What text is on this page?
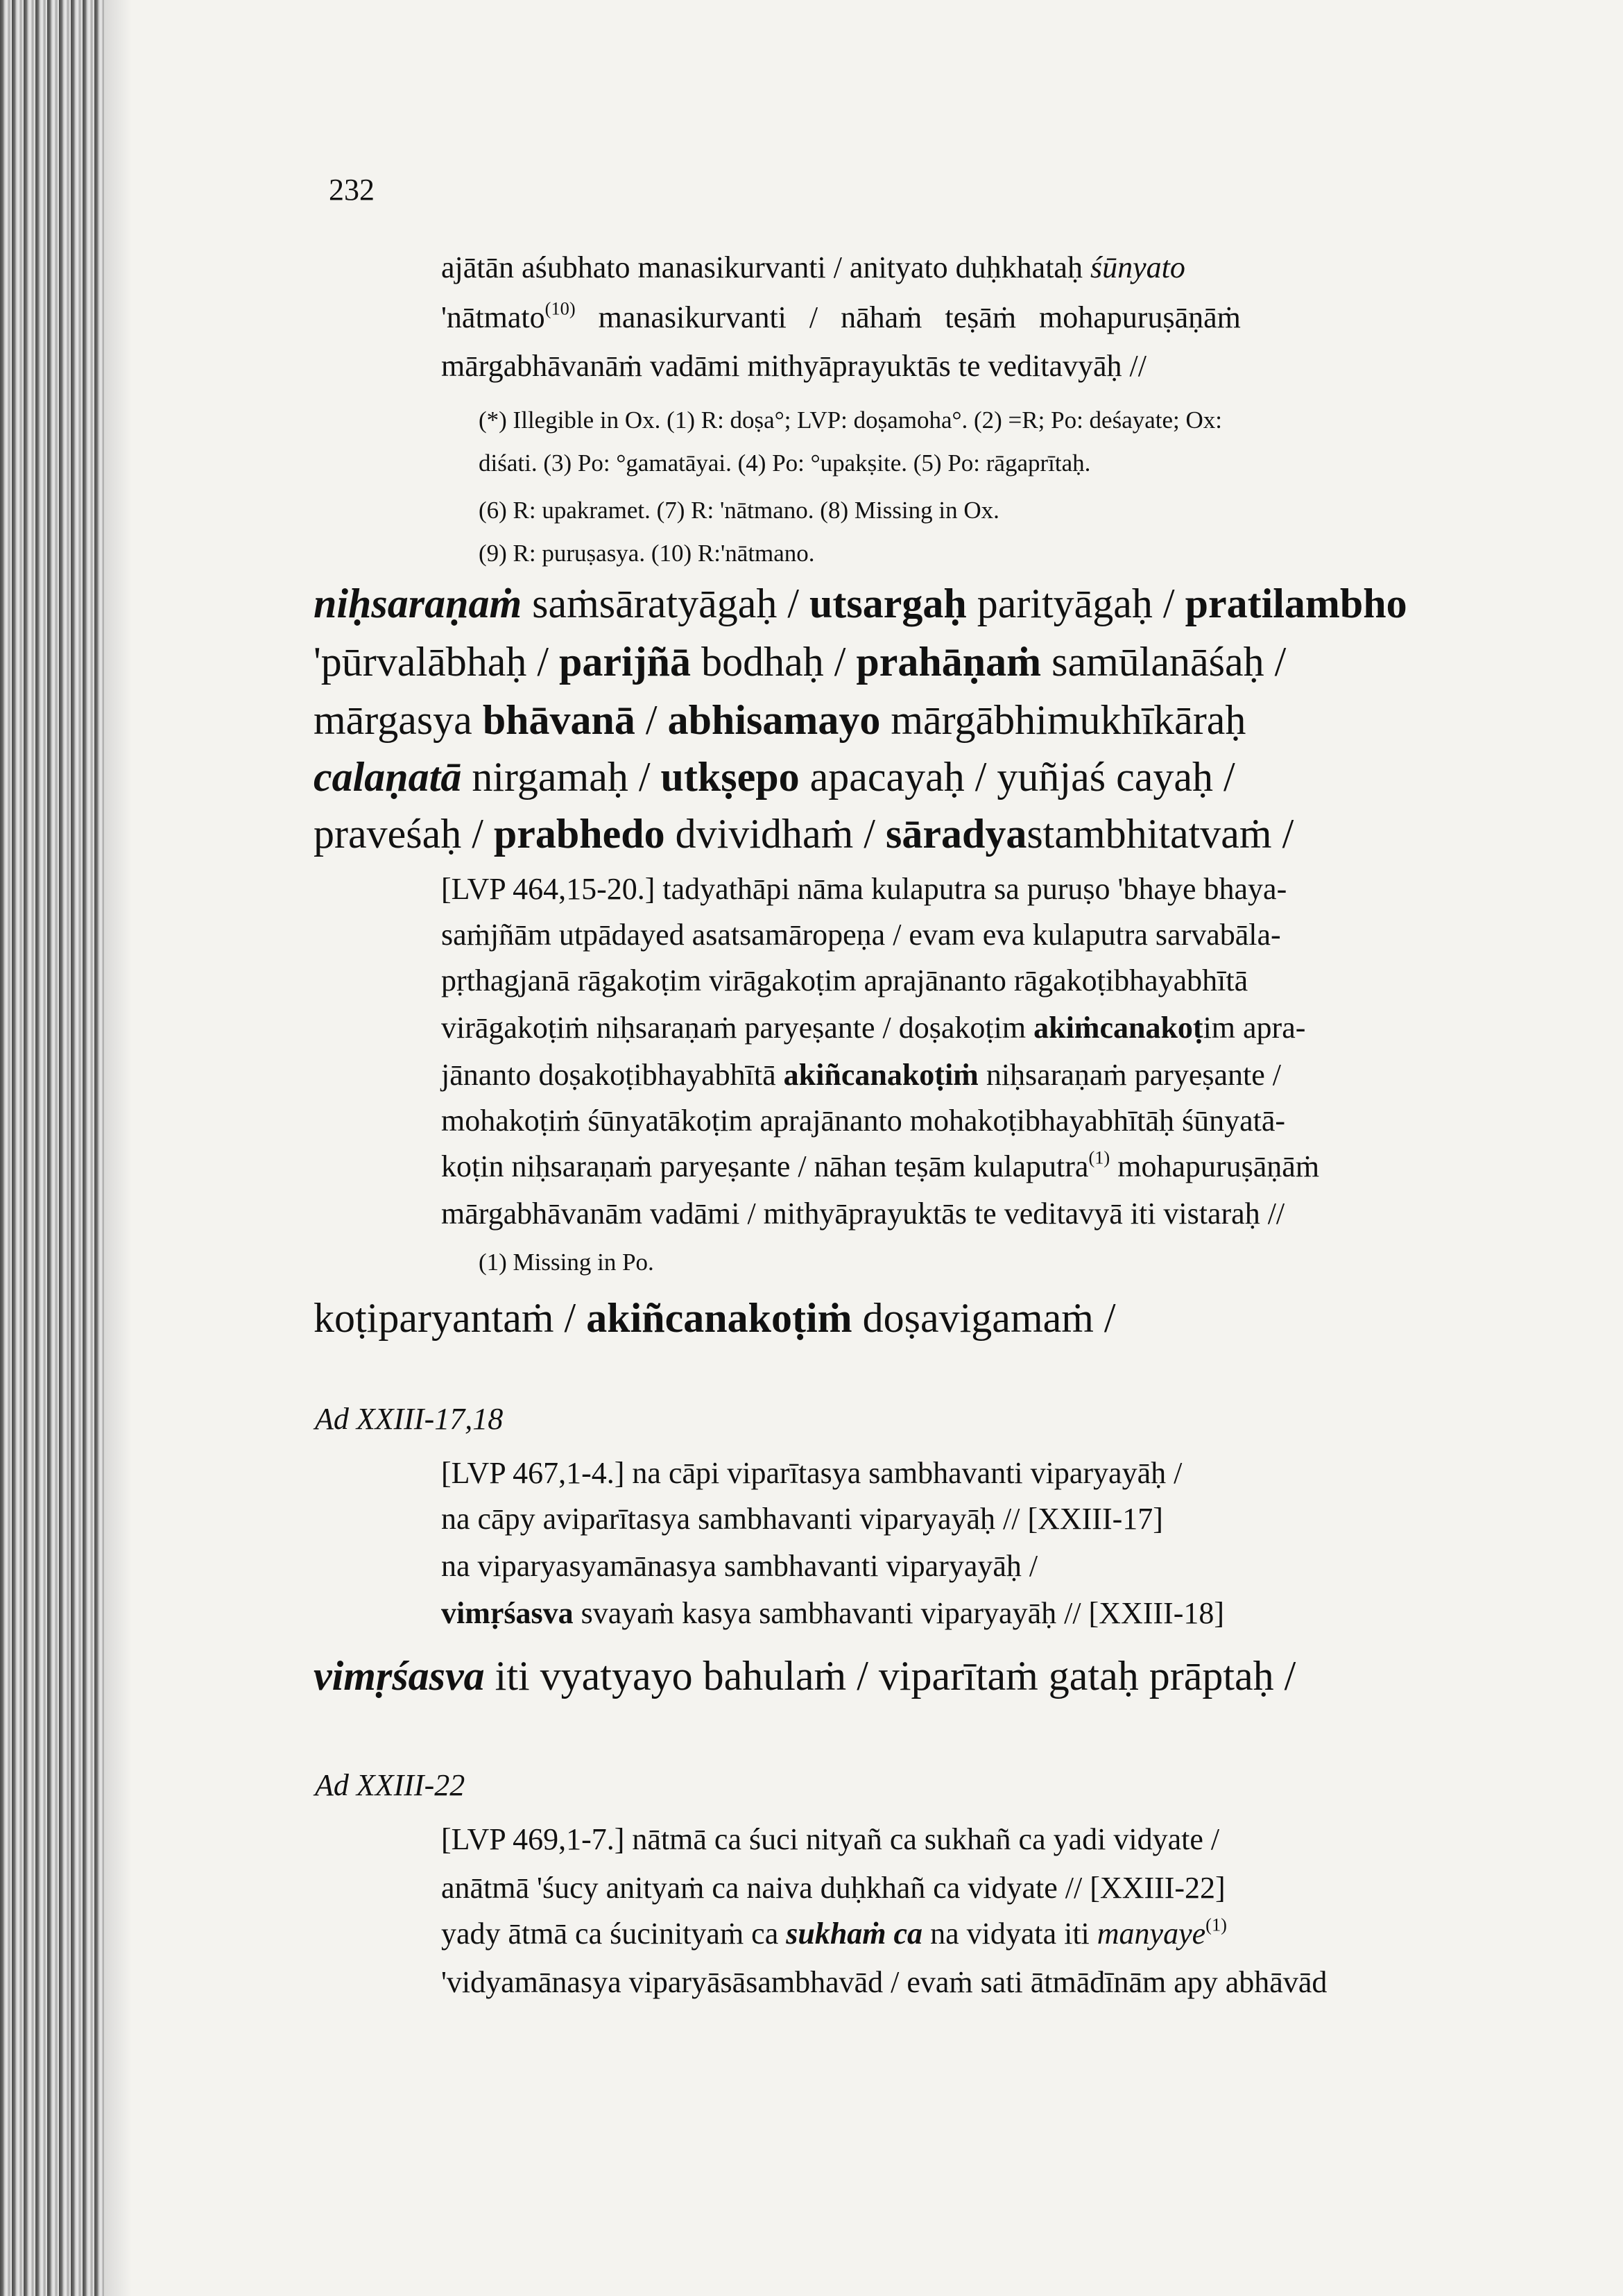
232
ajātān aśubhato manasikurvanti / anityato duḥkhataḥ śūnyato
'nātmato$^{(10)}$ manasikurvanti / nāhaṁ teṣāṁ mohapuruṣāṇāṁ
mārgabhāvanāṁ vadāmi mithyāprayuktās te veditavyāḥ //
(*) Illegible in Ox. (1) R: doṣa°; LVP: doṣamoha°. (2) =R; Po: deśayate; Ox:
diśati. (3) Po: °gamatāyai. (4) Po: °upakṣite. (5) Po: rāgaprītaḥ.
(6) R: upakramet. (7) R: 'nātmano. (8) Missing in Ox.
(9) R: puruṣasya. (10) R:'nātmano.
niḥsaraṇaṁ saṁsāratyāgaḥ / utsargaḥ parityāgaḥ / pratilambho
'pūrvalābhaḥ / parijñā bodhaḥ / prahāṇaṁ samūlanāśaḥ /
mārgasya bhāvanā / abhisamayo mārgābhimukhīkāraḥ
calaṇatā nirgamaḥ / utkṣepo apacayaḥ / yuñjaś cayaḥ /
praveśaḥ / prabhedo dvividhaṁ / sāradyastambhitatvaṁ /
[LVP 464,15-20.] tadyathāpi nāma kulaputra sa puruṣo 'bhaye bhaya-
saṁjñām utpādayed asatsamāropeṇa / evam eva kulaputra sarvabāla-
pṛthagjanā rāgakoṭim virāgakoṭim aprajānanto rāgakoṭibhayabhītā
virāgakoṭiṁ niḥsaraṇaṁ paryeṣante / doṣakoṭim akiṁcanakoṭim apra-
jānanto doṣakoṭibhayabhītā akiñcanakoṭiṁ niḥsaraṇaṁ paryeṣante /
mohakoṭiṁ śūnyatākoṭim aprajānanto mohakoṭibhayabhītāḥ śūnyatā-
koṭin niḥsaraṇaṁ paryeṣante / nāhan teṣām kulaputra$^{(1)}$ mohapuruṣāṇāṁ
mārgabhāvanām vadāmi / mithyāprayuktās te veditavyā iti vistaraḥ //
(1) Missing in Po.
koṭiparyantaṁ / akiñcanakoṭiṁ doṣavigamaṁ /
Ad XXIII-17,18
[LVP 467,1-4.] na cāpi viparītasya sambhavanti viparyayāḥ /
na cāpy aviparītasya sambhavanti viparyayāḥ // [XXIII-17]
na viparyasyamānasya sambhavanti viparyayāḥ /
vimṛśasva svayaṁ kasya sambhavanti viparyayāḥ // [XXIII-18]
vimṛśasva iti vyatyayo bahulaṁ / viparītaṁ gataḥ prāptaḥ /
Ad XXIII-22
[LVP 469,1-7.] nātmā ca śuci nityañ ca sukhañ ca yadi vidyate /
anātmā 'śucy anityaṁ ca naiva duḥkhañ ca vidyate // [XXIII-22]
yady ātmā ca śucinityaṁ ca sukhaṁ ca na vidyata iti manyaye$^{(1)}$
'vidyamānasya viparyāsāsambhavād / evaṁ sati ātmādīnām apy abhāvād
